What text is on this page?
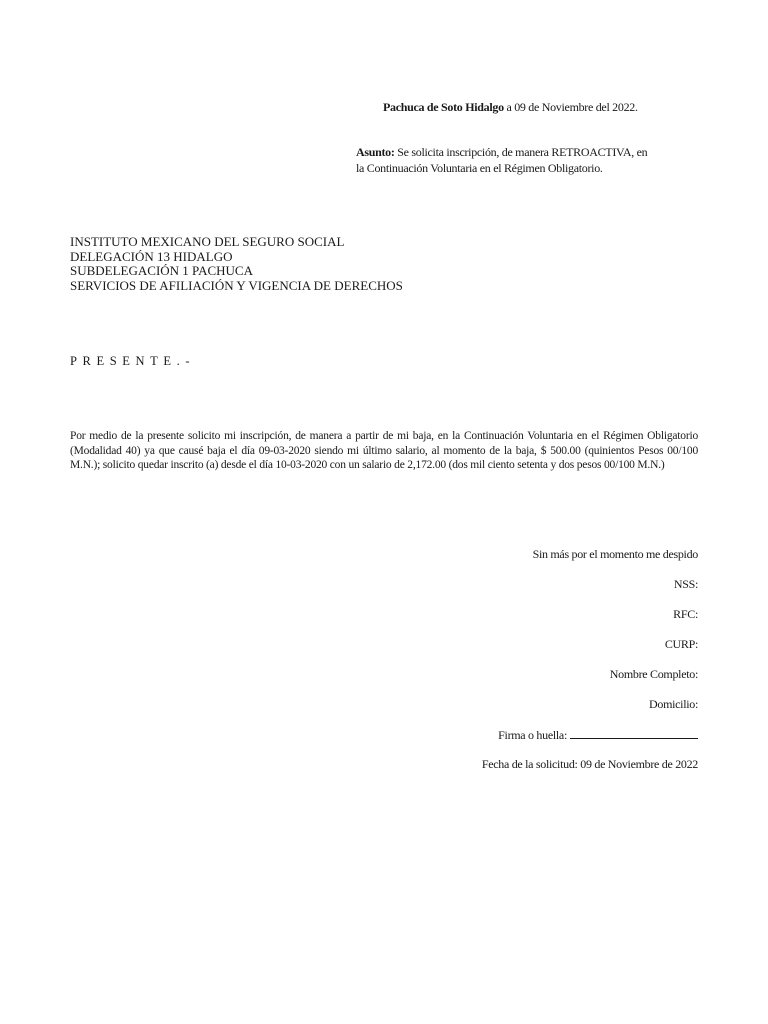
Pachuca de Soto Hidalgo a 09 de Noviembre del 2022.
Asunto: Se solicita inscripción, de manera RETROACTIVA, en
la Continuación Voluntaria en el Régimen Obligatorio.
INSTITUTO MEXICANO DEL SEGURO SOCIAL
DELEGACIÓN 13 HIDALGO
SUBDELEGACIÓN 1 PACHUCA
SERVICIOS DE AFILIACIÓN Y VIGENCIA DE DERECHOS
PRESENTE.-
Por medio de la presente solicito mi inscripción, de manera a partir de mi baja, en la Continuación Voluntaria en el Régimen Obligatorio (Modalidad 40) ya que causé baja el día 09-03-2020 siendo mi último salario, al momento de la baja, $ 500.00 (quinientos Pesos 00/100 M.N.); solicito quedar inscrito (a) desde el día 10-03-2020 con un salario de 2,172.00 (dos mil ciento setenta y dos pesos 00/100 M.N.)
Sin más por el momento me despido
NSS:
RFC:
CURP:
Nombre Completo:
Domicilio:
Firma o huella:
Fecha de la solicitud: 09 de Noviembre de 2022
